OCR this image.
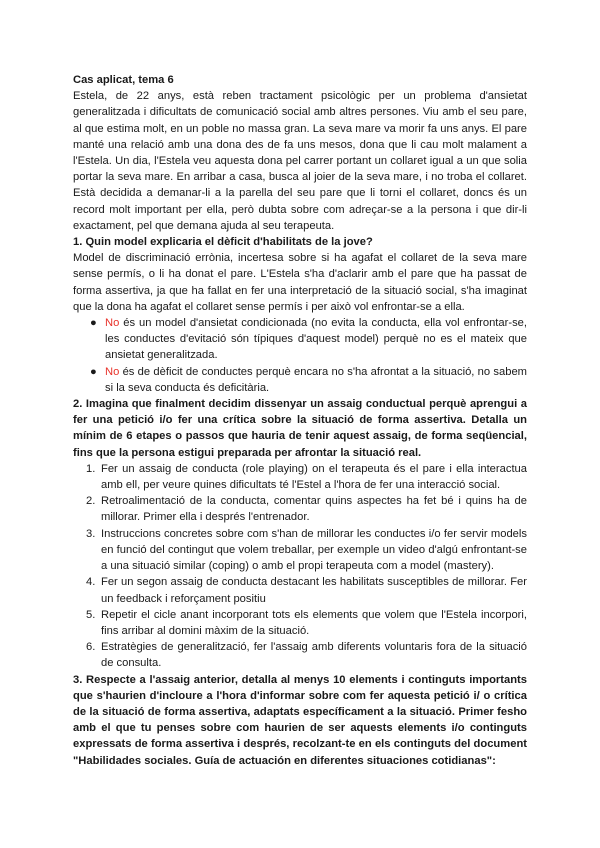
Cas aplicat, tema 6

Estela, de 22 anys, està reben tractament psicològic per un problema d'ansietat generalitzada i dificultats de comunicació social amb altres persones. Viu amb el seu pare, al que estima molt, en un poble no massa gran. La seva mare va morir fa uns anys. El pare manté una relació amb una dona des de fa uns mesos, dona que li cau molt malament a l'Estela. Un dia, l'Estela veu aquesta dona pel carrer portant un collaret igual a un que solia portar la seva mare. En arribar a casa, busca al joier de la seva mare, i no troba el collaret. Està decidida a demanar-li a la parella del seu pare que li torni el collaret, doncs és un record molt important per ella, però dubta sobre com adreçar-se a la persona i que dir-li exactament, pel que demana ajuda al seu terapeuta.

1. Quin model explicaria el dèficit d'habilitats de la jove?

Model de discriminació errònia, incertesa sobre si ha agafat el collaret de la seva mare sense permís, o li ha donat el pare. L'Estela s'ha d'aclarir amb el pare que ha passat de forma assertiva, ja que ha fallat en fer una interpretació de la situació social, s'ha imaginat que la dona ha agafat el collaret sense permís i per això vol enfrontar-se a ella.

● No és un model d'ansietat condicionada (no evita la conducta, ella vol enfrontar-se, les conductes d'evitació són típiques d'aquest model) perquè no es el mateix que ansietat generalitzada.
● No és de dèficit de conductes perquè encara no s'ha afrontat a la situació, no sabem si la seva conducta és deficitària.
2. Imagina que finalment decidim dissenyar un assaig conductual perquè aprengui a fer una petició i/o fer una crítica sobre la situació de forma assertiva. Detalla un mínim de 6 etapes o passos que hauria de tenir aquest assaig, de forma seqüencial, fins que la persona estigui preparada per afrontar la situació real.
1. Fer un assaig de conducta (role playing) on el terapeuta és el pare i ella interactua amb ell, per veure quines dificultats té l'Estel a l'hora de fer una interacció social.
2. Retroalimentació de la conducta, comentar quins aspectes ha fet bé i quins ha de millorar. Primer ella i després l'entrenador.
3. Instruccions concretes sobre com s'han de millorar les conductes i/o fer servir models en funció del contingut que volem treballar, per exemple un video d'algú enfrontant-se a una situació similar (coping) o amb el propi terapeuta com a model (mastery).
4. Fer un segon assaig de conducta destacant les habilitats susceptibles de millorar. Fer un feedback i reforçament positiu
5. Repetir el cicle anant incorporant tots els elements que volem que l'Estela incorpori, fins arribar al domini màxim de la situació.
6. Estratègies de generalització, fer l'assaig amb diferents voluntaris fora de la situació de consulta.
3. Respecte a l'assaig anterior, detalla al menys 10 elements i continguts importants que s'haurien d'incloure a l'hora d'informar sobre com fer aquesta petició i/ o crítica de la situació de forma assertiva, adaptats específicament a la situació. Primer fesho amb el que tu penses sobre com haurien de ser aquests elements i/o continguts expressats de forma assertiva i després, recolzant-te en els continguts del document "Habilidades sociales. Guía de actuación en diferentes situaciones cotidianas":
